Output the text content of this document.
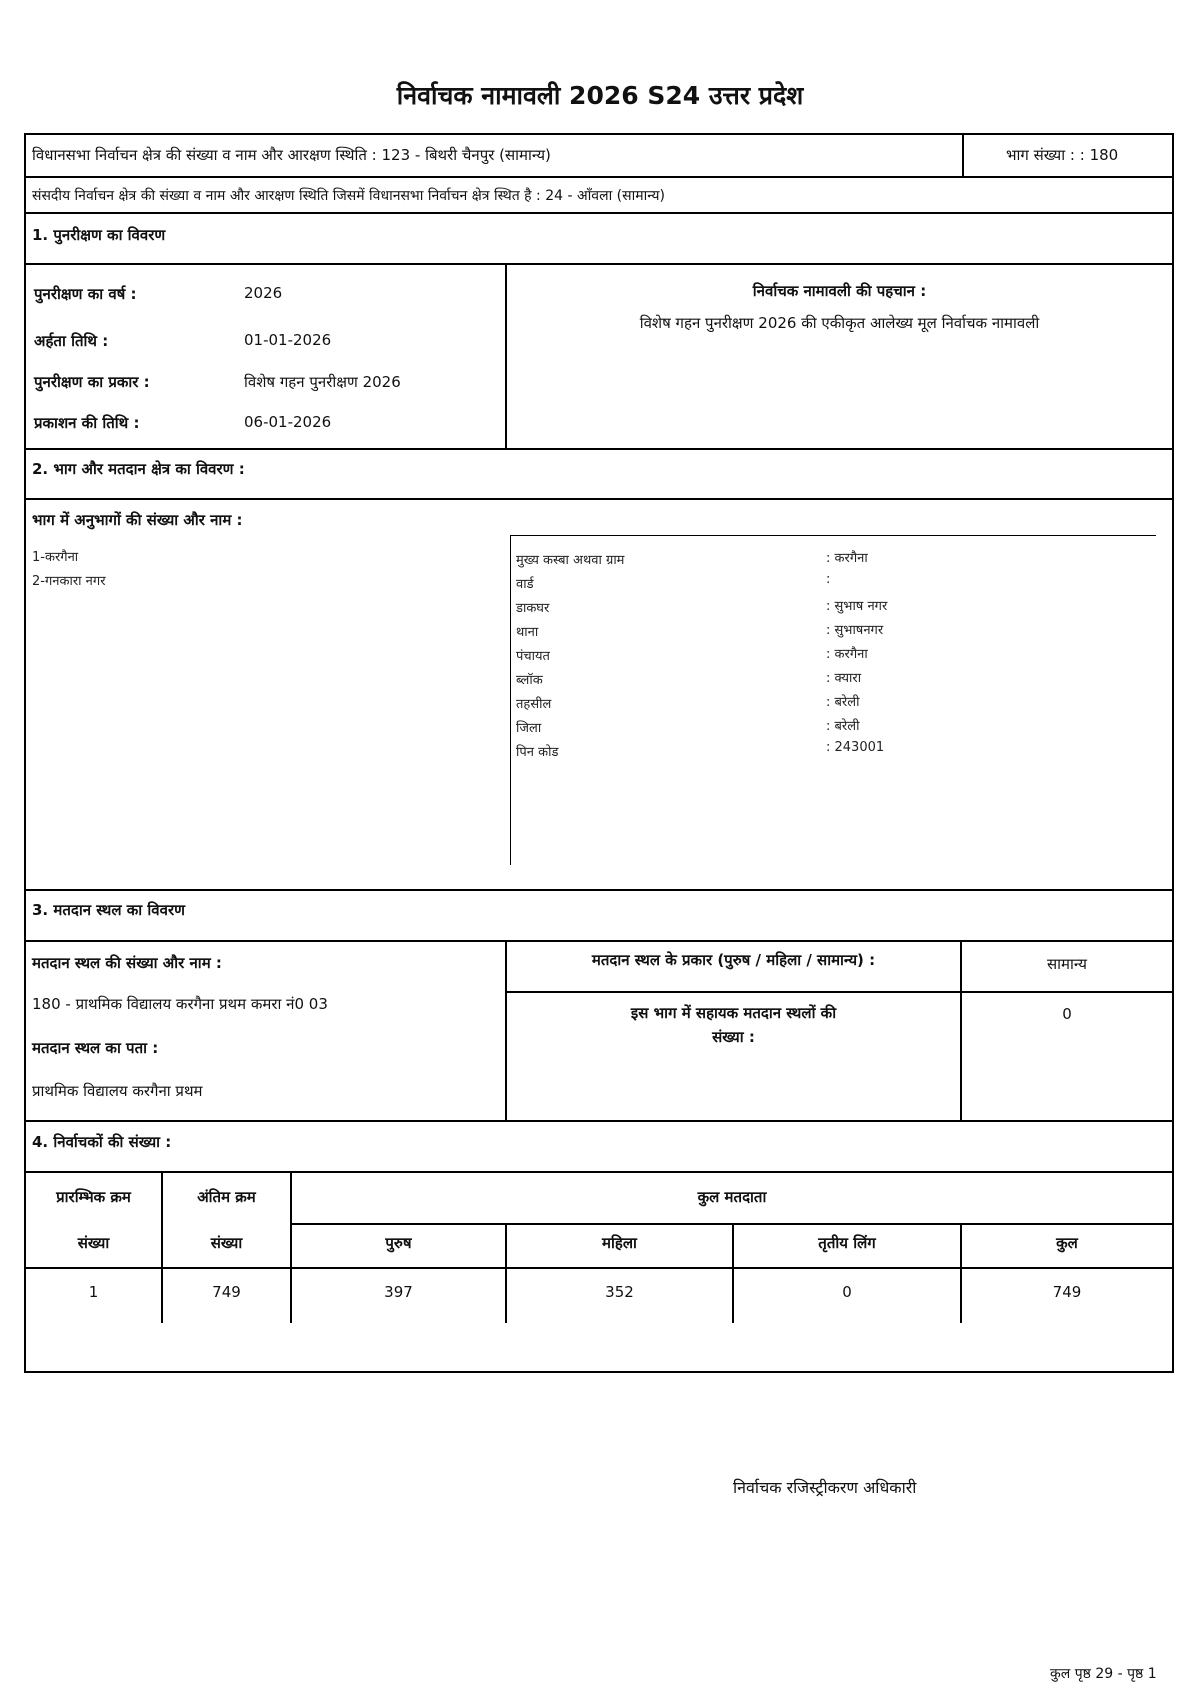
निर्वाचक नामावली 2026 S24 उत्तर प्रदेश
विधानसभा निर्वाचन क्षेत्र की संख्या व नाम और आरक्षण स्थिति : 123 - बिथरी चैनपुर (सामान्य)	भाग संख्या : : 180
संसदीय निर्वाचन क्षेत्र की संख्या व नाम और आरक्षण स्थिति जिसमें विधानसभा निर्वाचन क्षेत्र स्थित है : 24 - आँवला (सामान्य)
1. पुनरीक्षण का विवरण
पुनरीक्षण का वर्ष :	2026
अर्हता तिथि :	01-01-2026
पुनरीक्षण का प्रकार :	विशेष गहन पुनरीक्षण 2026
प्रकाशन की तिथि :	06-01-2026
निर्वाचक नामावली की पहचान :
विशेष गहन पुनरीक्षण 2026 की एकीकृत आलेख्य मूल निर्वाचक नामावली
2. भाग और मतदान क्षेत्र का विवरण :
भाग में अनुभागों की संख्या और नाम :
1-करगैना
2-गनकारा नगर
मुख्य कस्बा अथवा ग्राम	: करगैना
वार्ड	:
डाकघर	: सुभाष नगर
थाना	: सुभाषनगर
पंचायत	: करगैना
ब्लॉक	: क्यारा
तहसील	: बरेली
जिला	: बरेली
पिन कोड	: 243001
3. मतदान स्थल का विवरण
मतदान स्थल की संख्या और नाम :
180 - प्राथमिक विद्यालय करगैना प्रथम कमरा नं0 03
मतदान स्थल का पता :
प्राथमिक विद्यालय करगैना प्रथम
मतदान स्थल के प्रकार (पुरुष / महिला / सामान्य) :	सामान्य
इस भाग में सहायक मतदान स्थलों की
संख्या :
0
4. निर्वाचकों की संख्या :
प्रारम्भिक क्रम
संख्या
अंतिम क्रम
संख्या
कुल मतदाता
पुरुष	महिला	तृतीय लिंग	कुल
1	749	397	352	0	749
निर्वाचक रजिस्ट्रीकरण अधिकारी
कुल पृष्ठ 29 - पृष्ठ 1
